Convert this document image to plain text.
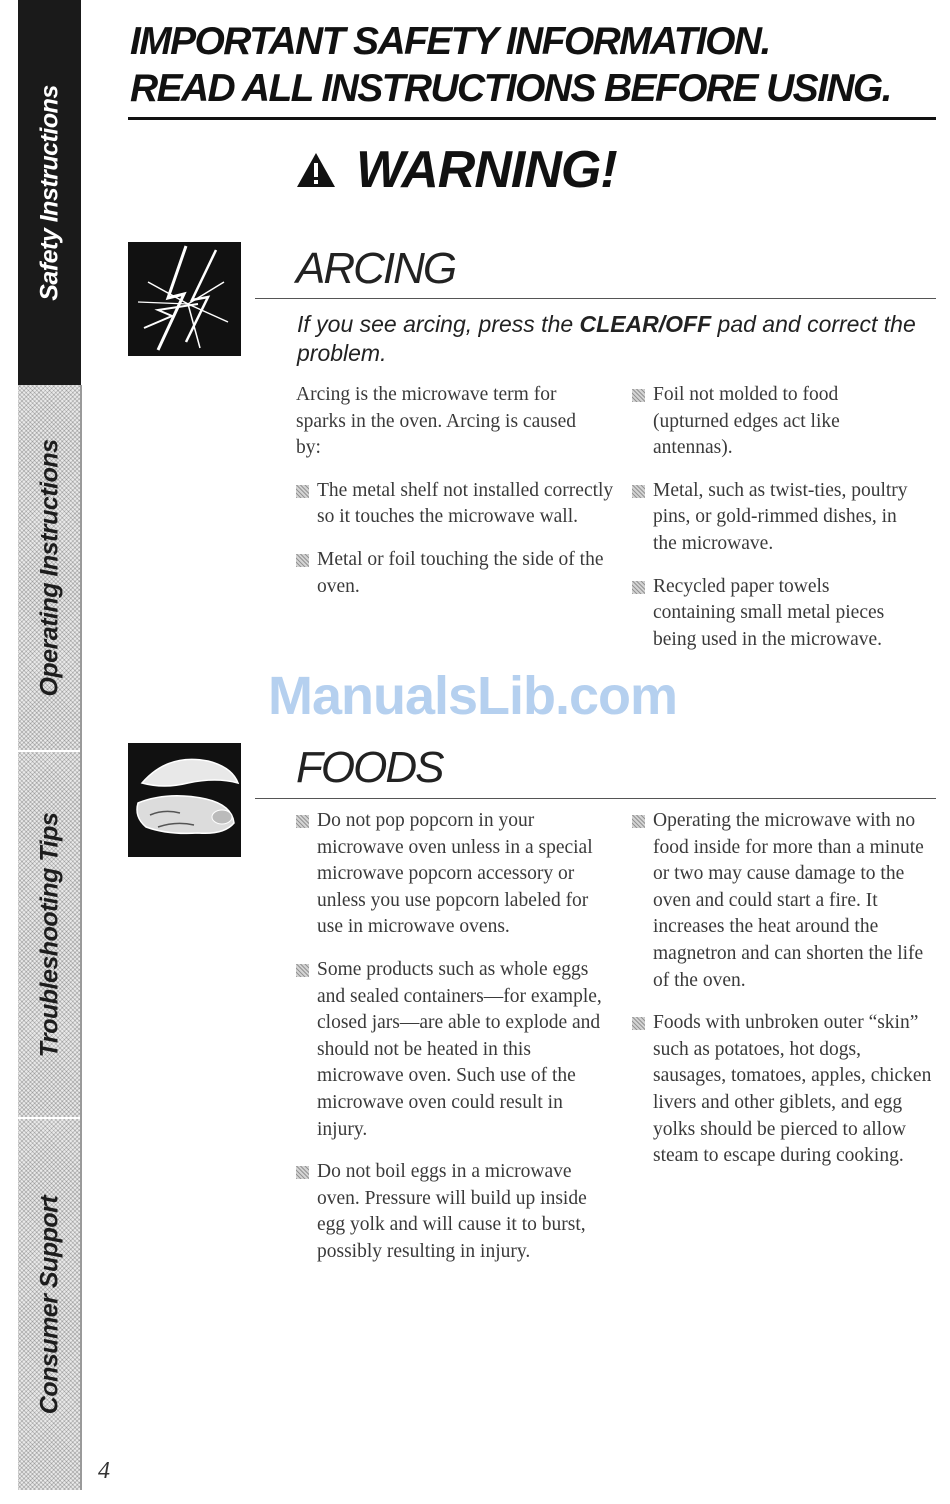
Safety Instructions
Operating Instructions
Troubleshooting Tips
Consumer Support
4
IMPORTANT SAFETY INFORMATION.
READ ALL INSTRUCTIONS BEFORE USING.
WARNING!
ARCING
If you see arcing, press the CLEAR/OFF pad and correct the problem.

Arcing is the microwave term for sparks in the oven. Arcing is caused by:

The metal shelf not installed correctly so it touches the microwave wall.

Metal or foil touching the side of the oven.

Foil not molded to food (upturned edges act like antennas).

Metal, such as twist-ties, poultry pins, or gold-rimmed dishes, in the microwave.

Recycled paper towels containing small metal pieces being used in the microwave.

ManualsLib.com
FOODS

Do not pop popcorn in your microwave oven unless in a special microwave popcorn accessory or unless you use popcorn labeled for use in microwave ovens.

Some products such as whole eggs and sealed containers—for example, closed jars—are able to explode and should not be heated in this microwave oven. Such use of the microwave oven could result in injury.

Do not boil eggs in a microwave oven. Pressure will build up inside egg yolk and will cause it to burst, possibly resulting in injury.

Operating the microwave with no food inside for more than a minute or two may cause damage to the oven and could start a fire. It increases the heat around the magnetron and can shorten the life of the oven.

Foods with unbroken outer “skin” such as potatoes, hot dogs, sausages, tomatoes, apples, chicken livers and other giblets, and egg yolks should be pierced to allow steam to escape during cooking.
